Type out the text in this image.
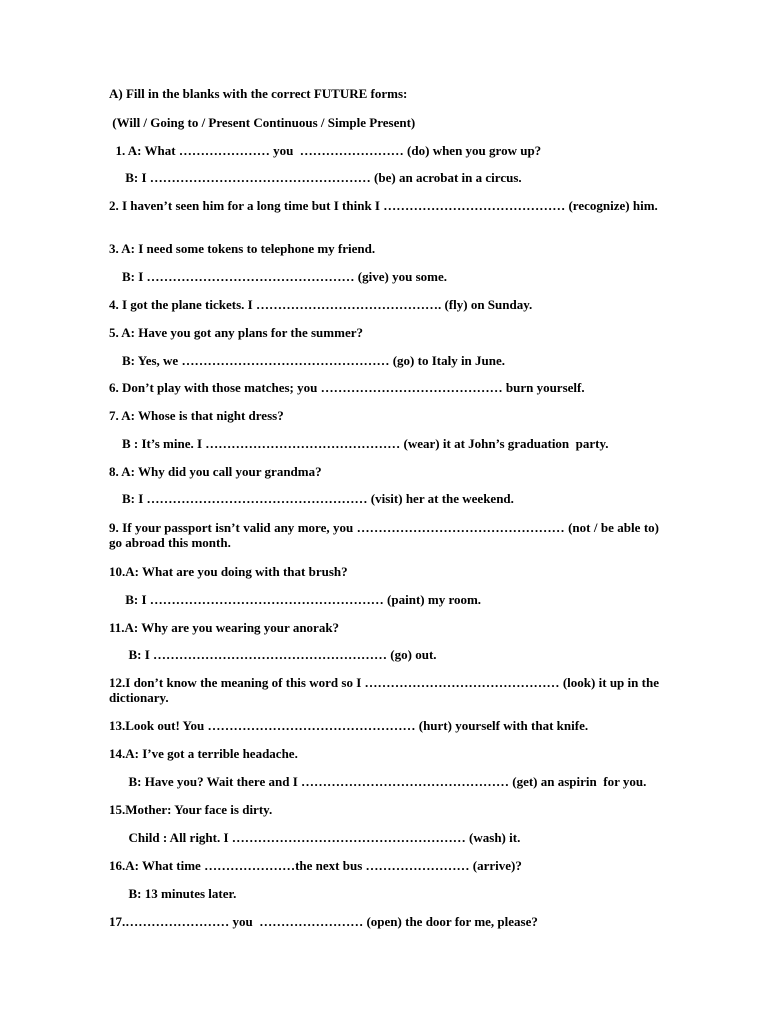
A) Fill in the blanks with the correct FUTURE forms:
(Will / Going to / Present Continuous / Simple Present)
1. A: What ………………… you  …………………… (do) when you grow up?
B: I …………………………………………… (be) an acrobat in a circus.
2. I haven’t seen him for a long time but I think I …………………………………… (recognize) him.
3. A: I need some tokens to telephone my friend.
B: I ………………………………………… (give) you some.
4. I got the plane tickets. I ……………………………………. (fly) on Sunday.
5. A: Have you got any plans for the summer?
B: Yes, we ………………………………………… (go) to Italy in June.
6. Don’t play with those matches; you …………………………………… burn yourself.
7. A: Whose is that night dress?
B : It’s mine. I ……………………………………… (wear) it at John’s graduation  party.
8. A: Why did you call your grandma?
B: I …………………………………………… (visit) her at the weekend.
9. If your passport isn’t valid any more, you ………………………………………… (not / be able to) go abroad this month.
10.A: What are you doing with that brush?
B: I ……………………………………………… (paint) my room.
11.A: Why are you wearing your anorak?
B: I ……………………………………………… (go) out.
12.I don’t know the meaning of this word so I ……………………………………… (look) it up in the dictionary.
13.Look out! You ………………………………………… (hurt) yourself with that knife.
14.A: I’ve got a terrible headache.
B: Have you? Wait there and I ………………………………………… (get) an aspirin  for you.
15.Mother: Your face is dirty.
Child : All right. I ……………………………………………… (wash) it.
16.A: What time …………………the next bus …………………… (arrive)?
B: 13 minutes later.
17.…………………… you  …………………… (open) the door for me, please?
